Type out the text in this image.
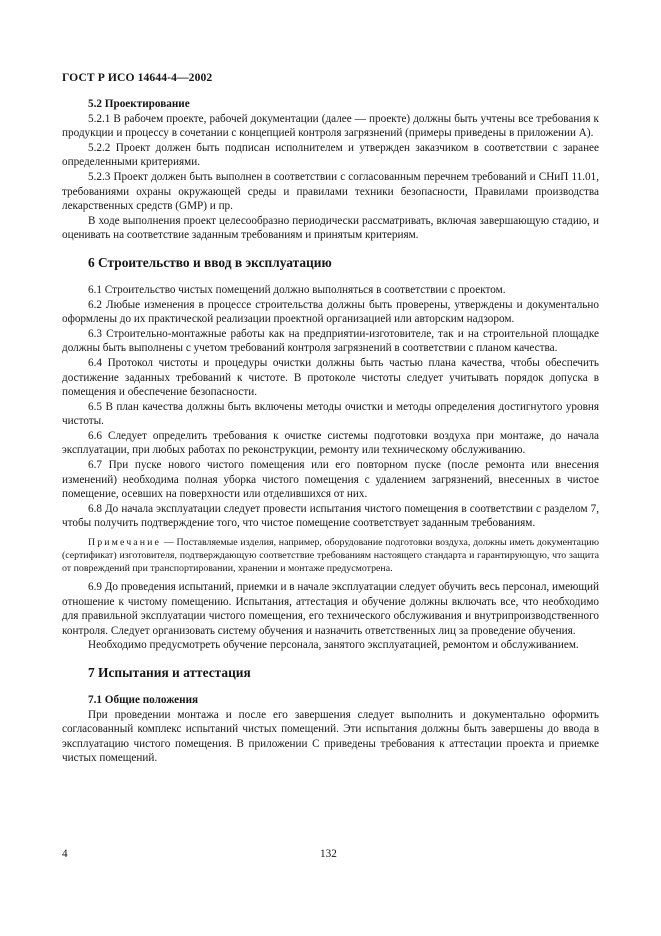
ГОСТ Р ИСО 14644-4—2002
5.2 Проектирование

5.2.1 В рабочем проекте, рабочей документации (далее — проекте) должны быть учтены все требования к продукции и процессу в сочетании с концепцией контроля загрязнений (примеры приведены в приложении А).

5.2.2 Проект должен быть подписан исполнителем и утвержден заказчиком в соответствии с заранее определенными критериями.

5.2.3 Проект должен быть выполнен в соответствии с согласованным перечнем требований и СНиП 11.01, требованиями охраны окружающей среды и правилами техники безопасности, Правилами производства лекарственных средств (GMP) и пр.

В ходе выполнения проект целесообразно периодически рассматривать, включая завершающую стадию, и оценивать на соответствие заданным требованиям и принятым критериям.

6 Строительство и ввод в эксплуатацию

6.1 Строительство чистых помещений должно выполняться в соответствии с проектом.

6.2 Любые изменения в процессе строительства должны быть проверены, утверждены и документально оформлены до их практической реализации проектной организацией или авторским надзором.

6.3 Строительно-монтажные работы как на предприятии-изготовителе, так и на строительной площадке должны быть выполнены с учетом требований контроля загрязнений в соответствии с планом качества.

6.4 Протокол чистоты и процедуры очистки должны быть частью плана качества, чтобы обеспечить достижение заданных требований к чистоте. В протоколе чистоты следует учитывать порядок допуска в помещения и обеспечение безопасности.

6.5 В план качества должны быть включены методы очистки и методы определения достигнутого уровня чистоты.

6.6 Следует определить требования к очистке системы подготовки воздуха при монтаже, до начала эксплуатации, при любых работах по реконструкции, ремонту или техническому обслуживанию.

6.7 При пуске нового чистого помещения или его повторном пуске (после ремонта или внесения изменений) необходима полная уборка чистого помещения с удалением загрязнений, внесенных в чистое помещение, осевших на поверхности или отделившихся от них.

6.8 До начала эксплуатации следует провести испытания чистого помещения в соответствии с разделом 7, чтобы получить подтверждение того, что чистое помещение соответствует заданным требованиям.

Примечание — Поставляемые изделия, например, оборудование подготовки воздуха, должны иметь документацию (сертификат) изготовителя, подтверждающую соответствие требованиям настоящего стандарта и гарантирующую, что защита от повреждений при транспортировании, хранении и монтаже предусмотрена.

6.9 До проведения испытаний, приемки и в начале эксплуатации следует обучить весь персонал, имеющий отношение к чистому помещению. Испытания, аттестация и обучение должны включать все, что необходимо для правильной эксплуатации чистого помещения, его технического обслуживания и внутрипроизводственного контроля. Следует организовать систему обучения и назначить ответственных лиц за проведение обучения.

Необходимо предусмотреть обучение персонала, занятого эксплуатацией, ремонтом и обслуживанием.

7 Испытания и аттестация
7.1 Общие положения

При проведении монтажа и после его завершения следует выполнить и документально оформить согласованный комплекс испытаний чистых помещений. Эти испытания должны быть завершены до ввода в эксплуатацию чистого помещения. В приложении С приведены требования к аттестации проекта и приемке чистых помещений.

4	132
